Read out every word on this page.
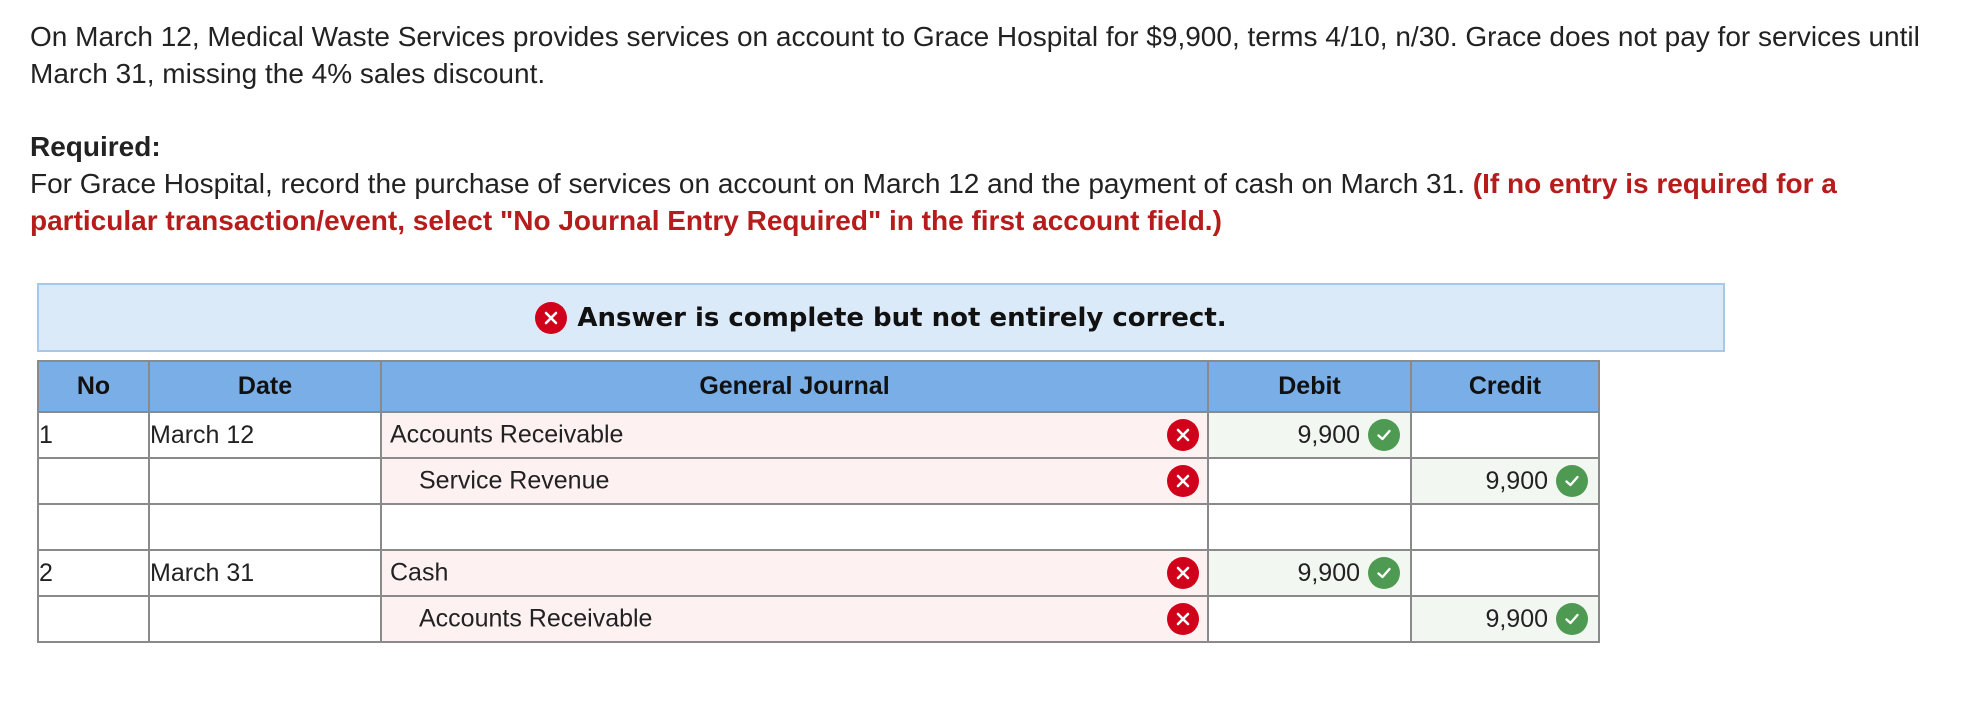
On March 12, Medical Waste Services provides services on account to Grace Hospital for $9,900, terms 4/10, n/30. Grace does not pay for services until March 31, missing the 4% sales discount.

Required:

For Grace Hospital, record the purchase of services on account on March 12 and the payment of cash on March 31. (If no entry is required for a particular transaction/event, select "No Journal Entry Required" in the first account field.)

Answer is complete but not entirely correct.
No	Date	General Journal	Debit	Credit
1	March 12	Accounts Receivable	9,900	

		Service Revenue		9,900

2	March 31	Cash	9,900	

		Accounts Receivable		9,900
